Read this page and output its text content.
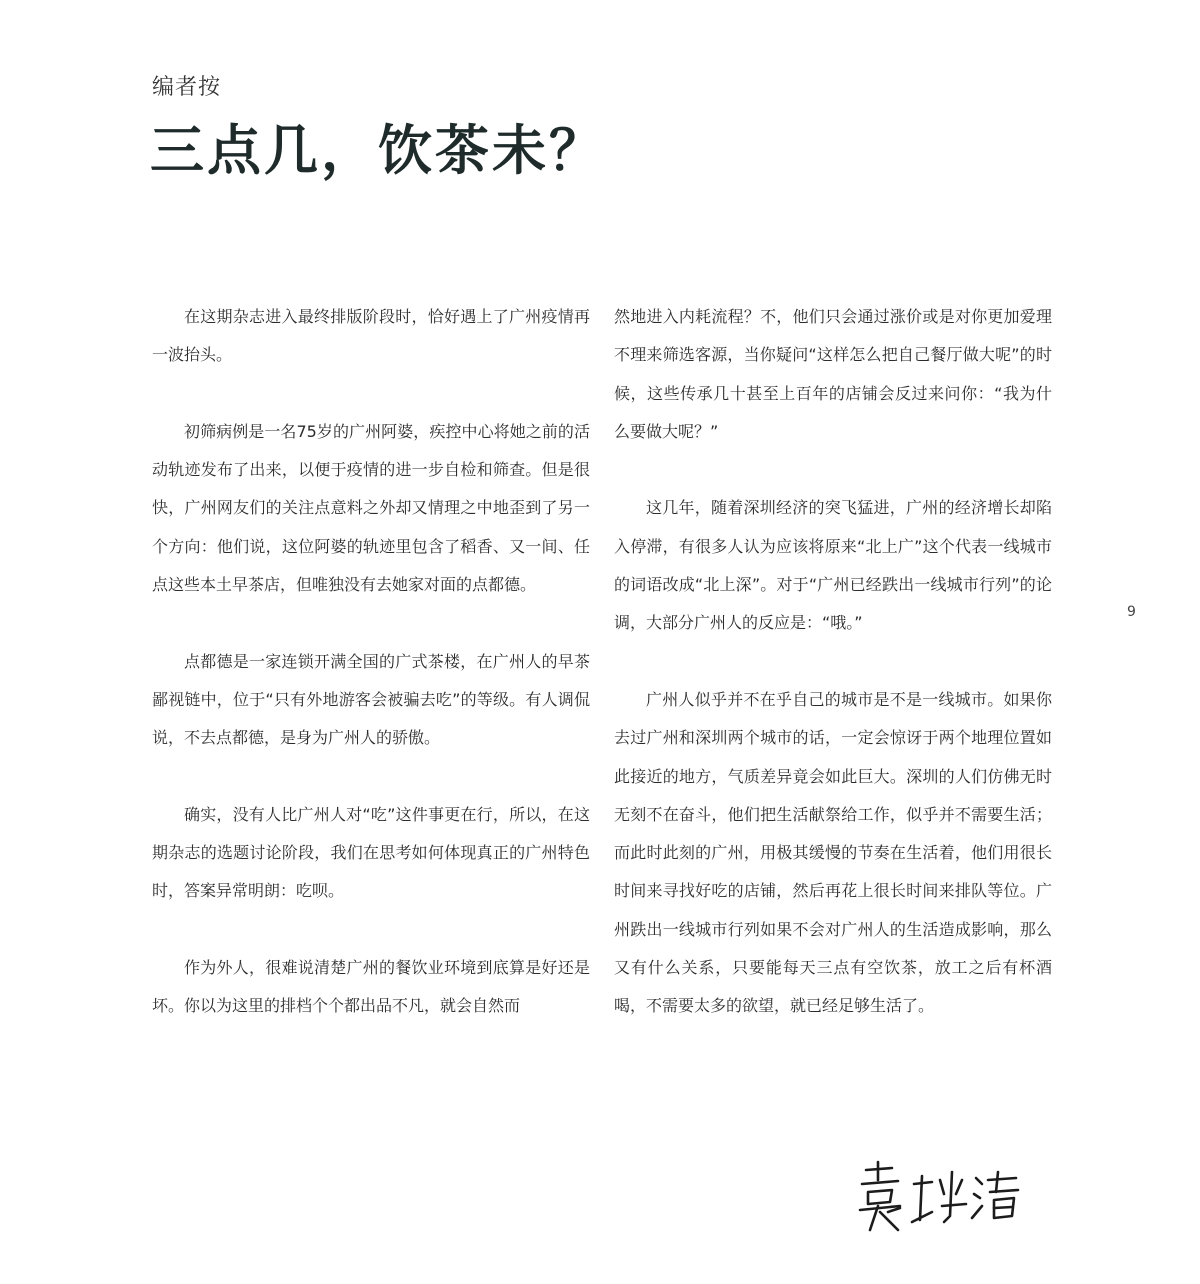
编者按
三点几，饮茶未？

在这期杂志进入最终排版阶段时，恰好遇上了广州疫情再一波抬头。

初筛病例是一名75岁的广州阿婆，疾控中心将她之前的活动轨迹发布了出来，以便于疫情的进一步自检和筛查。但是很快，广州网友们的关注点意料之外却又情理之中地歪到了另一个方向：他们说，这位阿婆的轨迹里包含了稻香、又一间、任点这些本土早茶店，但唯独没有去她家对面的点都德。

点都德是一家连锁开满全国的广式茶楼，在广州人的早茶鄙视链中，位于“只有外地游客会被骗去吃”的等级。有人调侃说，不去点都德，是身为广州人的骄傲。

确实，没有人比广州人对“吃”这件事更在行，所以，在这期杂志的选题讨论阶段，我们在思考如何体现真正的广州特色时，答案异常明朗：吃呗。

作为外人，很难说清楚广州的餐饮业环境到底算是好还是坏。你以为这里的排档个个都出品不凡，就会自然而

然地进入内耗流程？不，他们只会通过涨价或是对你更加爱理不理来筛选客源，当你疑问“这样怎么把自己餐厅做大呢”的时候，这些传承几十甚至上百年的店铺会反过来问你：“我为什么要做大呢？”

这几年，随着深圳经济的突飞猛进，广州的经济增长却陷入停滞，有很多人认为应该将原来“北上广”这个代表一线城市的词语改成“北上深”。对于“广州已经跌出一线城市行列”的论调，大部分广州人的反应是：“哦。”

广州人似乎并不在乎自己的城市是不是一线城市。如果你去过广州和深圳两个城市的话，一定会惊讶于两个地理位置如此接近的地方，气质差异竟会如此巨大。深圳的人们仿佛无时无刻不在奋斗，他们把生活献祭给工作，似乎并不需要生活；而此时此刻的广州，用极其缓慢的节奏在生活着，他们用很长时间来寻找好吃的店铺，然后再花上很长时间来排队等位。广州跌出一线城市行列如果不会对广州人的生活造成影响，那么又有什么关系，只要能每天三点有空饮茶，放工之后有杯酒喝，不需要太多的欲望，就已经足够生活了。

9
